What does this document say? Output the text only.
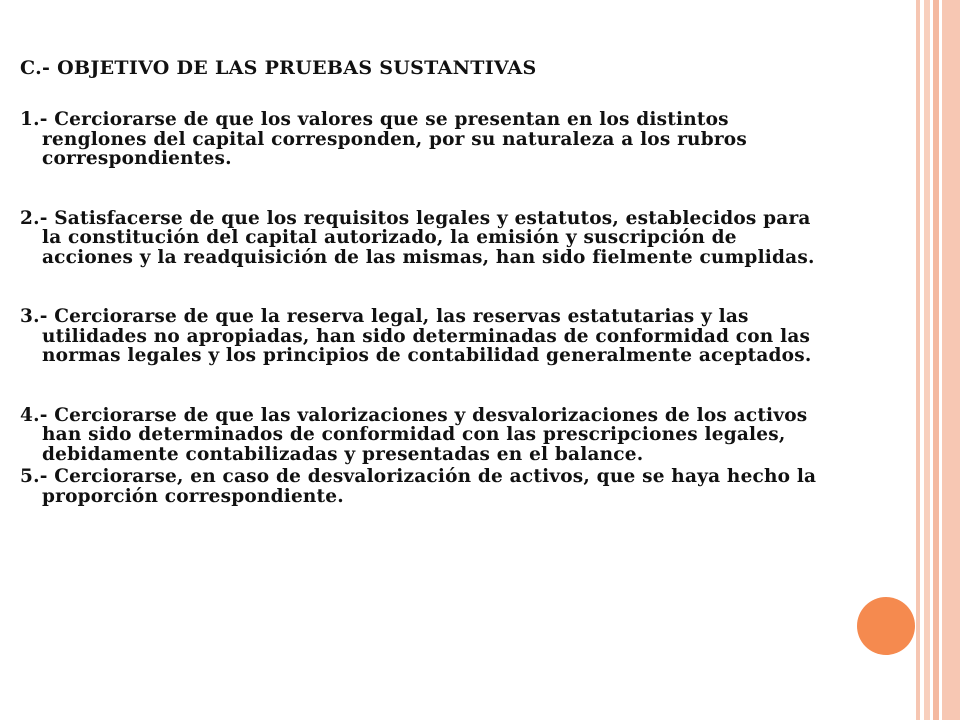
C.- OBJETIVO DE LAS PRUEBAS SUSTANTIVAS

1.- Cerciorarse de que los valores que se presentan en los distintos renglones del capital corresponden, por su naturaleza a los rubros correspondientes.

2.- Satisfacerse de que los requisitos legales y estatutos, establecidos para la constitución del capital autorizado, la emisión y suscripción de acciones y la readquisición de las mismas, han sido fielmente cumplidas.

3.- Cerciorarse de que la reserva legal, las reservas estatutarias y las utilidades no apropiadas, han sido determinadas de conformidad con las normas legales y los principios de contabilidad generalmente aceptados.

4.- Cerciorarse de que las valorizaciones y desvalorizaciones de los activos han sido determinados de conformidad con las prescripciones legales, debidamente contabilizadas y presentadas en el balance.

5.- Cerciorarse, en caso de desvalorización de activos, que se haya hecho la proporción correspondiente.
